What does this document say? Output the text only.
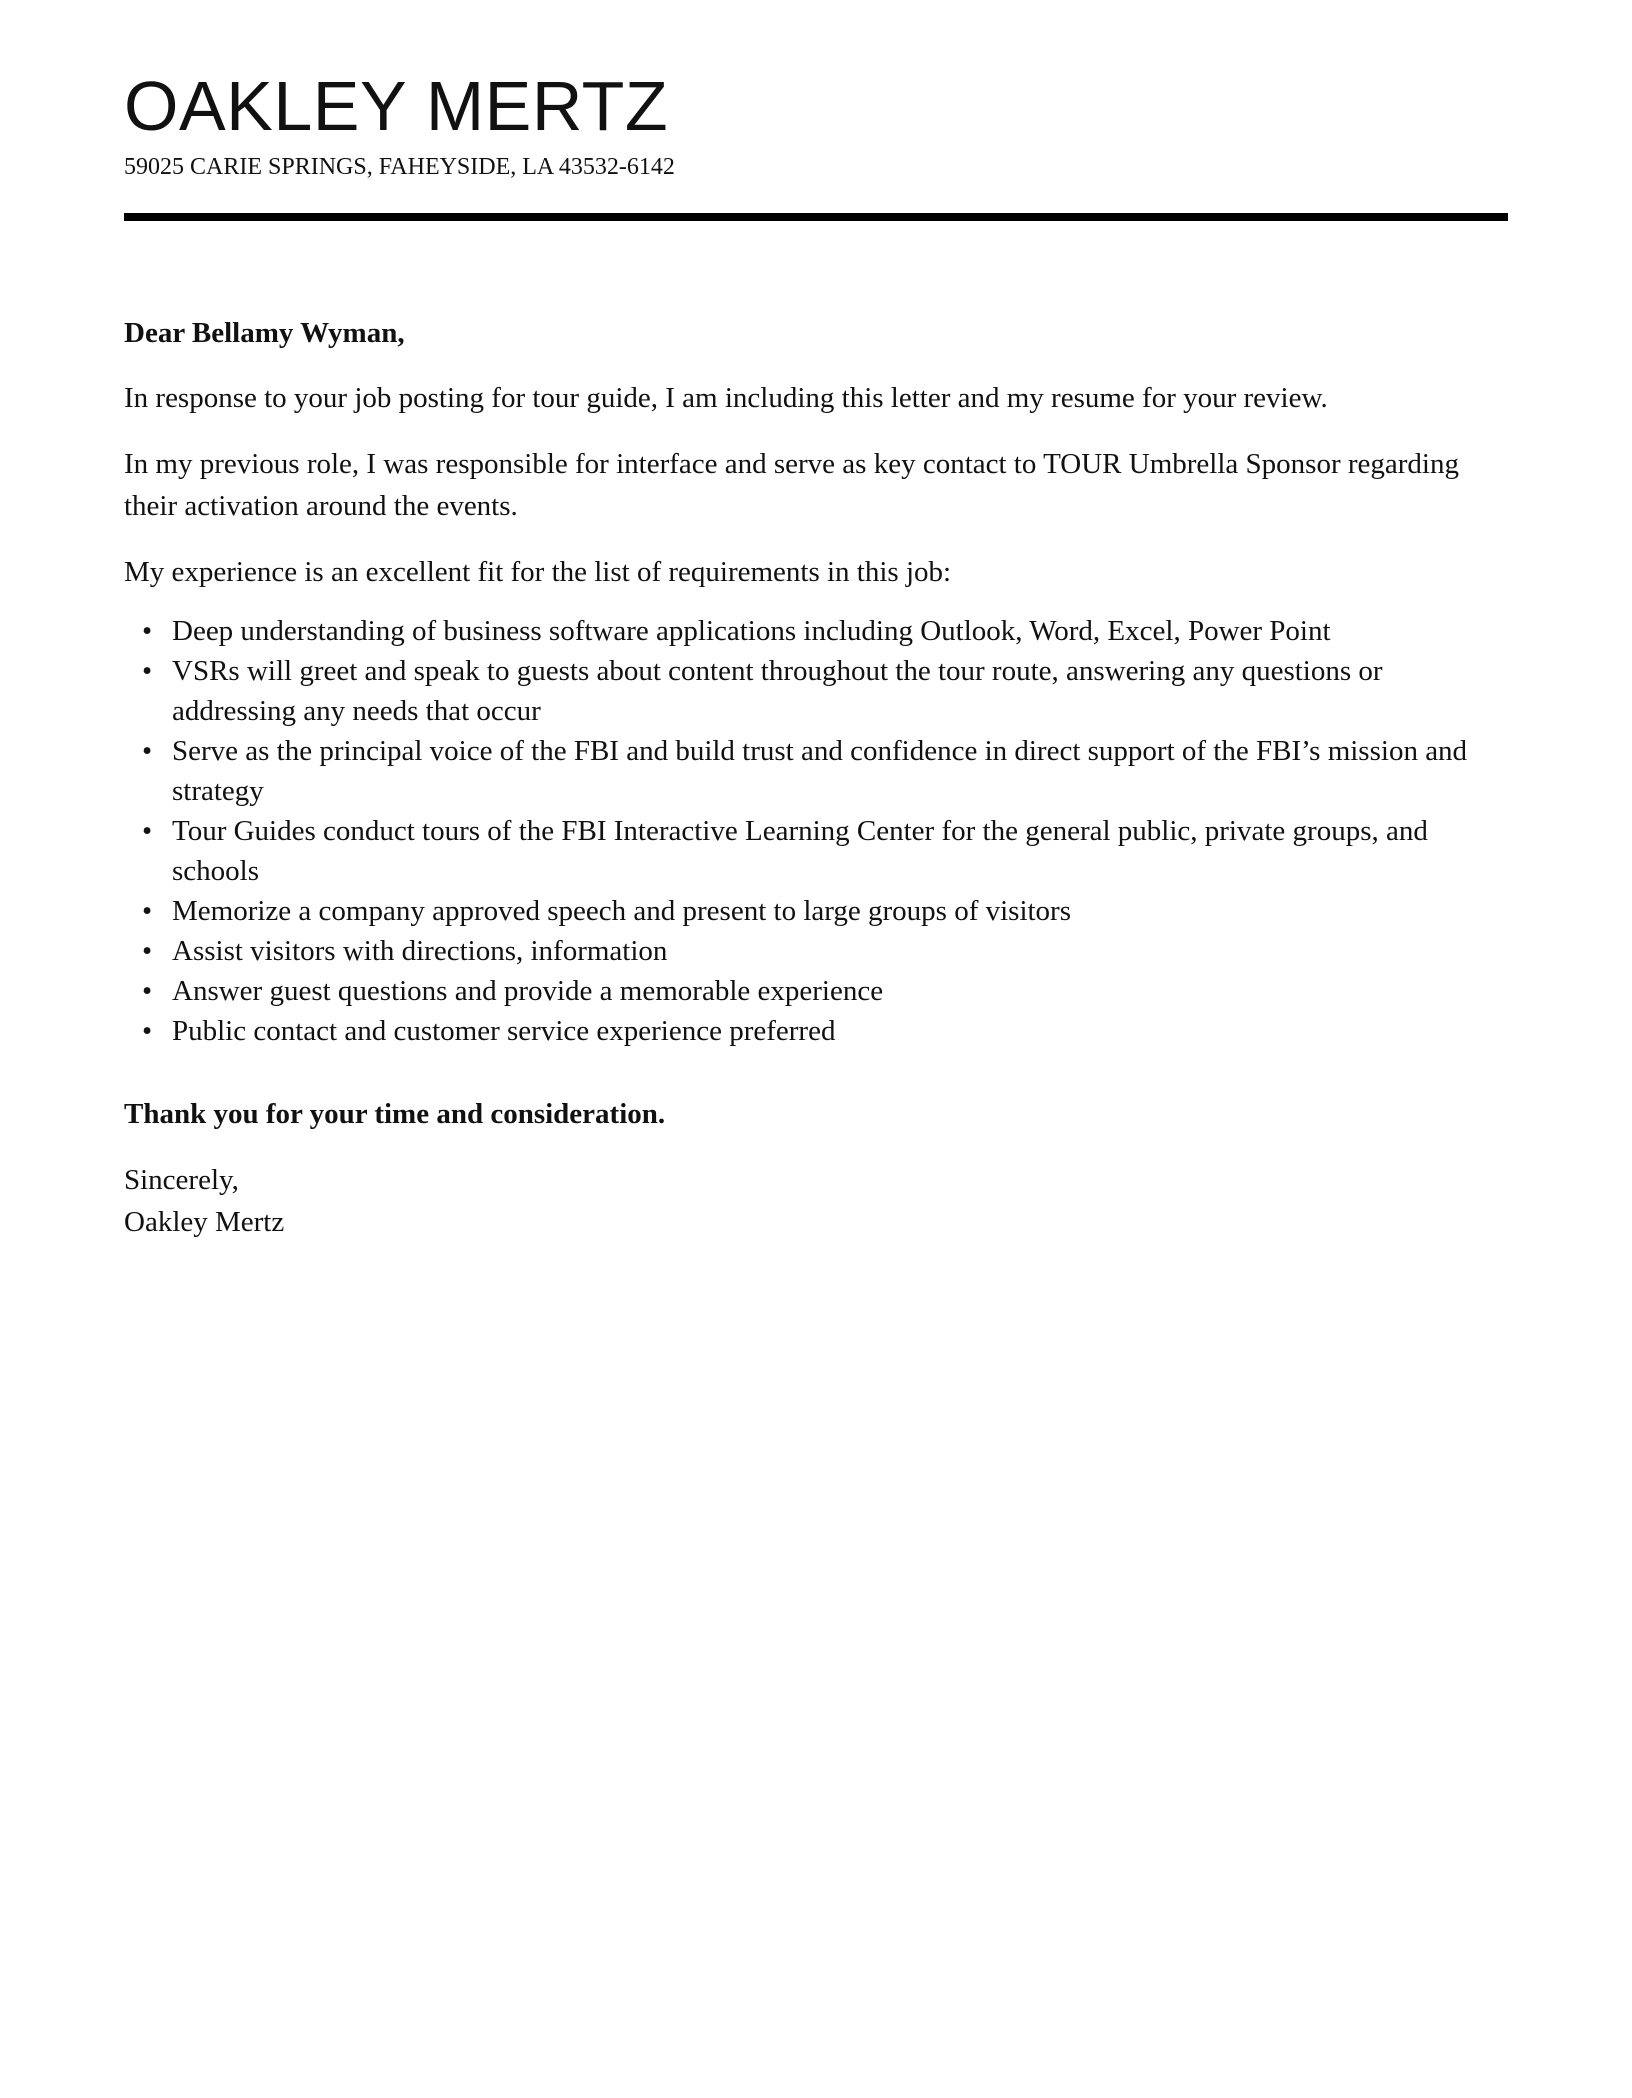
OAKLEY MERTZ
59025 CARIE SPRINGS, FAHEYSIDE, LA 43532-6142
Dear Bellamy Wyman,
In response to your job posting for tour guide, I am including this letter and my resume for your review.
In my previous role, I was responsible for interface and serve as key contact to TOUR Umbrella Sponsor regarding their activation around the events.
My experience is an excellent fit for the list of requirements in this job:
• Deep understanding of business software applications including Outlook, Word, Excel, Power Point
• VSRs will greet and speak to guests about content throughout the tour route, answering any questions or addressing any needs that occur
• Serve as the principal voice of the FBI and build trust and confidence in direct support of the FBI’s mission and strategy
• Tour Guides conduct tours of the FBI Interactive Learning Center for the general public, private groups, and schools
• Memorize a company approved speech and present to large groups of visitors
• Assist visitors with directions, information
• Answer guest questions and provide a memorable experience
• Public contact and customer service experience preferred
Thank you for your time and consideration.
Sincerely,
Oakley Mertz
